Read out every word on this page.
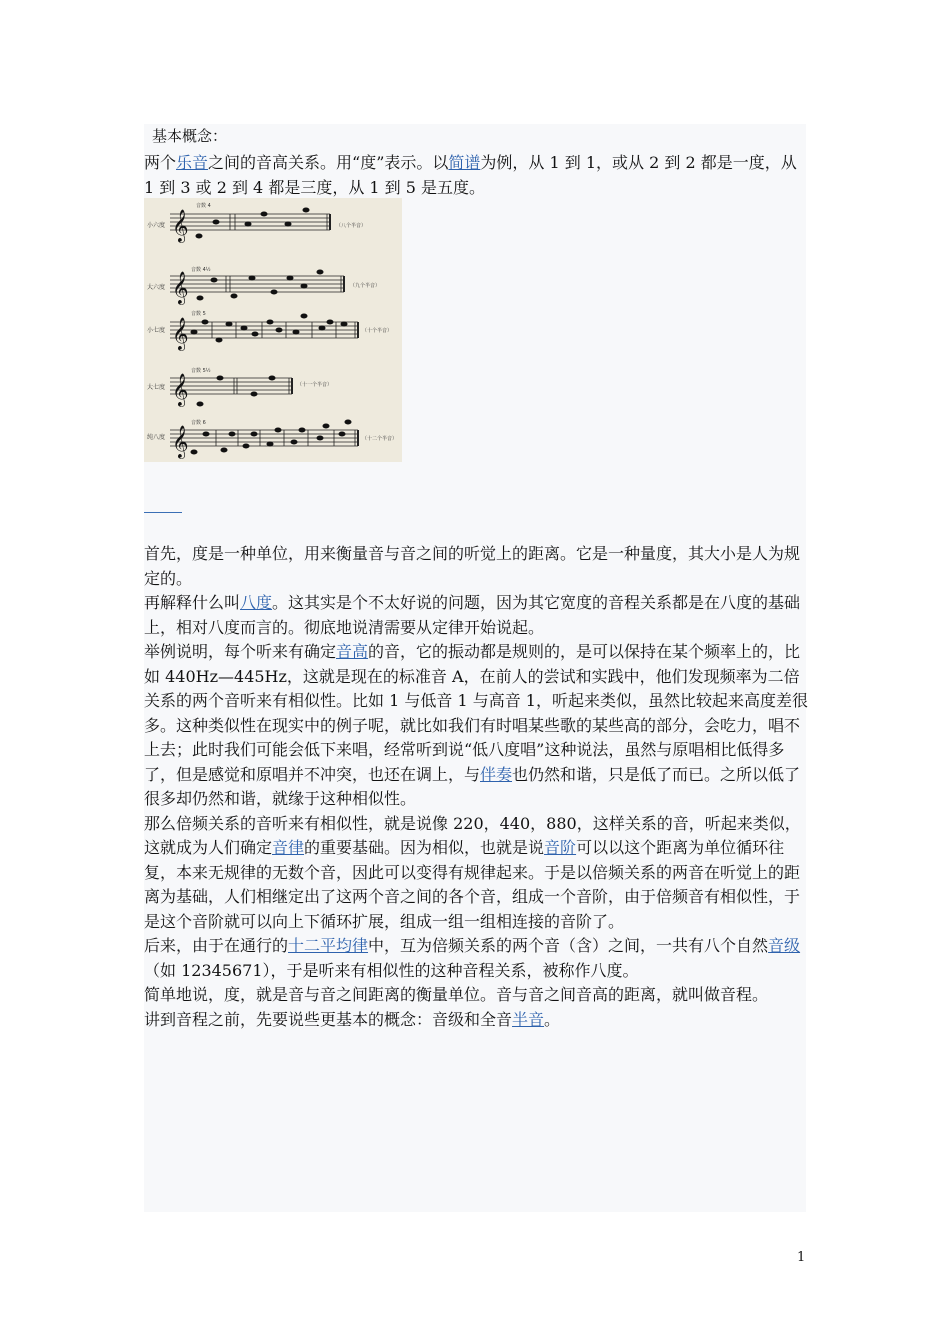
基本概念：
两个乐音之间的音高关系。用“度”表示。以简谱为例，从 1 到 1，或从 2 到 2 都是一度，从 1 到 3 或 2 到 4 都是三度，从 1 到 5 是五度。
小六度
音数 4
（八个半音）
𝄞
大六度
音数 4½
（九个半音）
𝄞
小七度
音数 5
（十个半音）
𝄞
大七度
音数 5½
（十一个半音）
𝄞
纯八度
音数 6
（十二个半音）
𝄞

首先，度是一种单位，用来衡量音与音之间的听觉上的距离。它是一种量度，其大小是人为规定的。

再解释什么叫八度。这其实是个不太好说的问题，因为其它宽度的音程关系都是在八度的基础上，相对八度而言的。彻底地说清需要从定律开始说起。

举例说明，每个听来有确定音高的音，它的振动都是规则的，是可以保持在某个频率上的，比如 440Hz—445Hz，这就是现在的标准音 A，在前人的尝试和实践中，他们发现频率为二倍关系的两个音听来有相似性。比如 1 与低音 1 与高音 1，听起来类似，虽然比较起来高度差很多。这种类似性在现实中的例子呢，就比如我们有时唱某些歌的某些高的部分，会吃力，唱不上去；此时我们可能会低下来唱，经常听到说“低八度唱”这种说法，虽然与原唱相比低得多了，但是感觉和原唱并不冲突，也还在调上，与伴奏也仍然和谐，只是低了而已。之所以低了很多却仍然和谐，就缘于这种相似性。

那么倍频关系的音听来有相似性，就是说像 220，440，880，这样关系的音，听起来类似，这就成为人们确定音律的重要基础。因为相似，也就是说音阶可以以这个距离为单位循环往复，本来无规律的无数个音，因此可以变得有规律起来。于是以倍频关系的两音在听觉上的距离为基础，人们相继定出了这两个音之间的各个音，组成一个音阶，由于倍频音有相似性，于是这个音阶就可以向上下循环扩展，组成一组一组相连接的音阶了。

后来，由于在通行的十二平均律中，互为倍频关系的两个音（含）之间，一共有八个自然音级（如 12345671），于是听来有相似性的这种音程关系，被称作八度。

简单地说，度，就是音与音之间距离的衡量单位。音与音之间音高的距离，就叫做音程。

讲到音程之前，先要说些更基本的概念：音级和全音半音。

1
